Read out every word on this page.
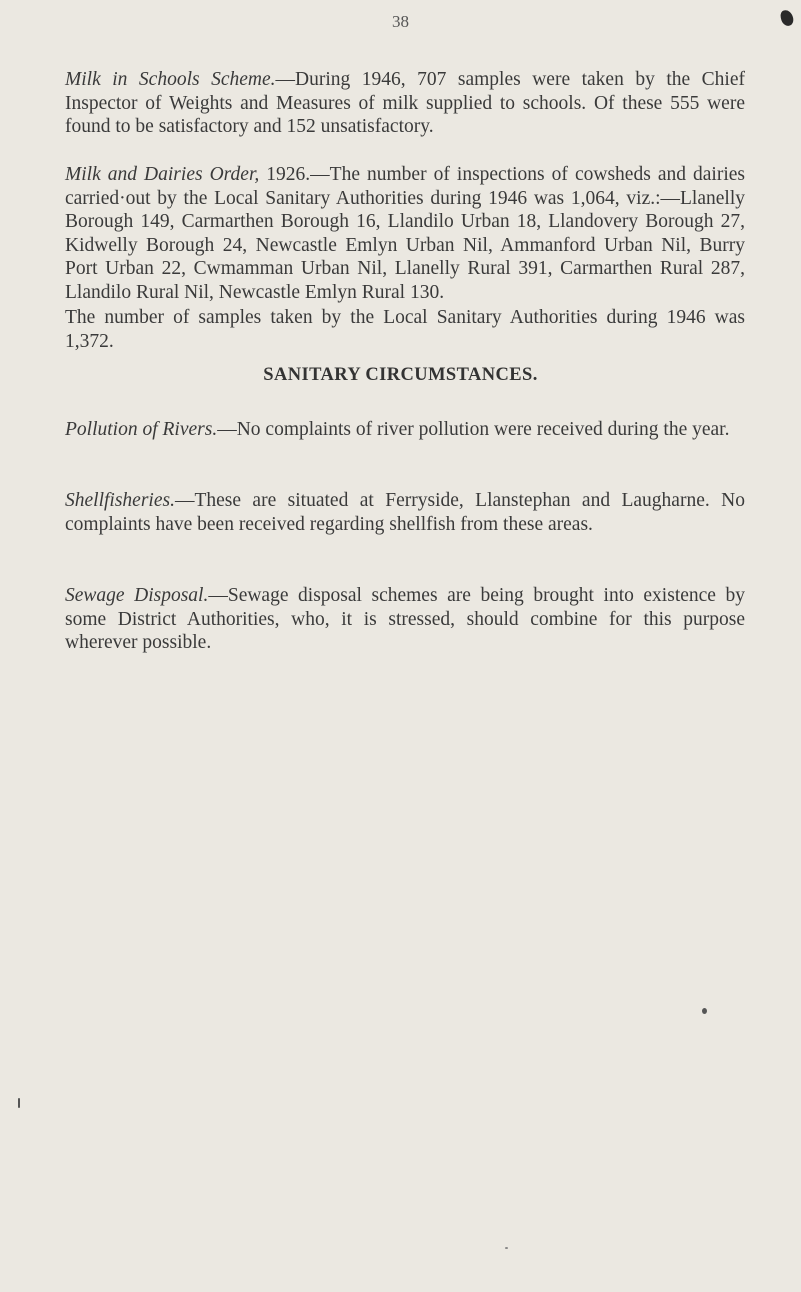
38

Milk in Schools Scheme.—During 1946, 707 samples were taken by the Chief Inspector of Weights and Measures of milk supplied to schools. Of these 555 were found to be satisfactory and 152 unsatisfactory.

Milk and Dairies Order, 1926.—The number of inspections of cowsheds and dairies carried·out by the Local Sanitary Authorities during 1946 was 1,064, viz.:—Llanelly Borough 149, Carmarthen Borough 16, Llandilo Urban 18, Llandovery Borough 27, Kidwelly Borough 24, Newcastle Emlyn Urban Nil, Ammanford Urban Nil, Burry Port Urban 22, Cwmamman Urban Nil, Llanelly Rural 391, Carmarthen Rural 287, Llandilo Rural Nil, Newcastle Emlyn Rural 130.

The number of samples taken by the Local Sanitary Authorities during 1946 was 1,372.

SANITARY CIRCUMSTANCES.

Pollution of Rivers.—No complaints of river pollution were received during the year.

Shellfisheries.—These are situated at Ferryside, Llanstephan and Laugharne. No complaints have been received regarding shellfish from these areas.

Sewage Disposal.—Sewage disposal schemes are being brought into existence by some District Authorities, who, it is stressed, should combine for this purpose wherever possible.
